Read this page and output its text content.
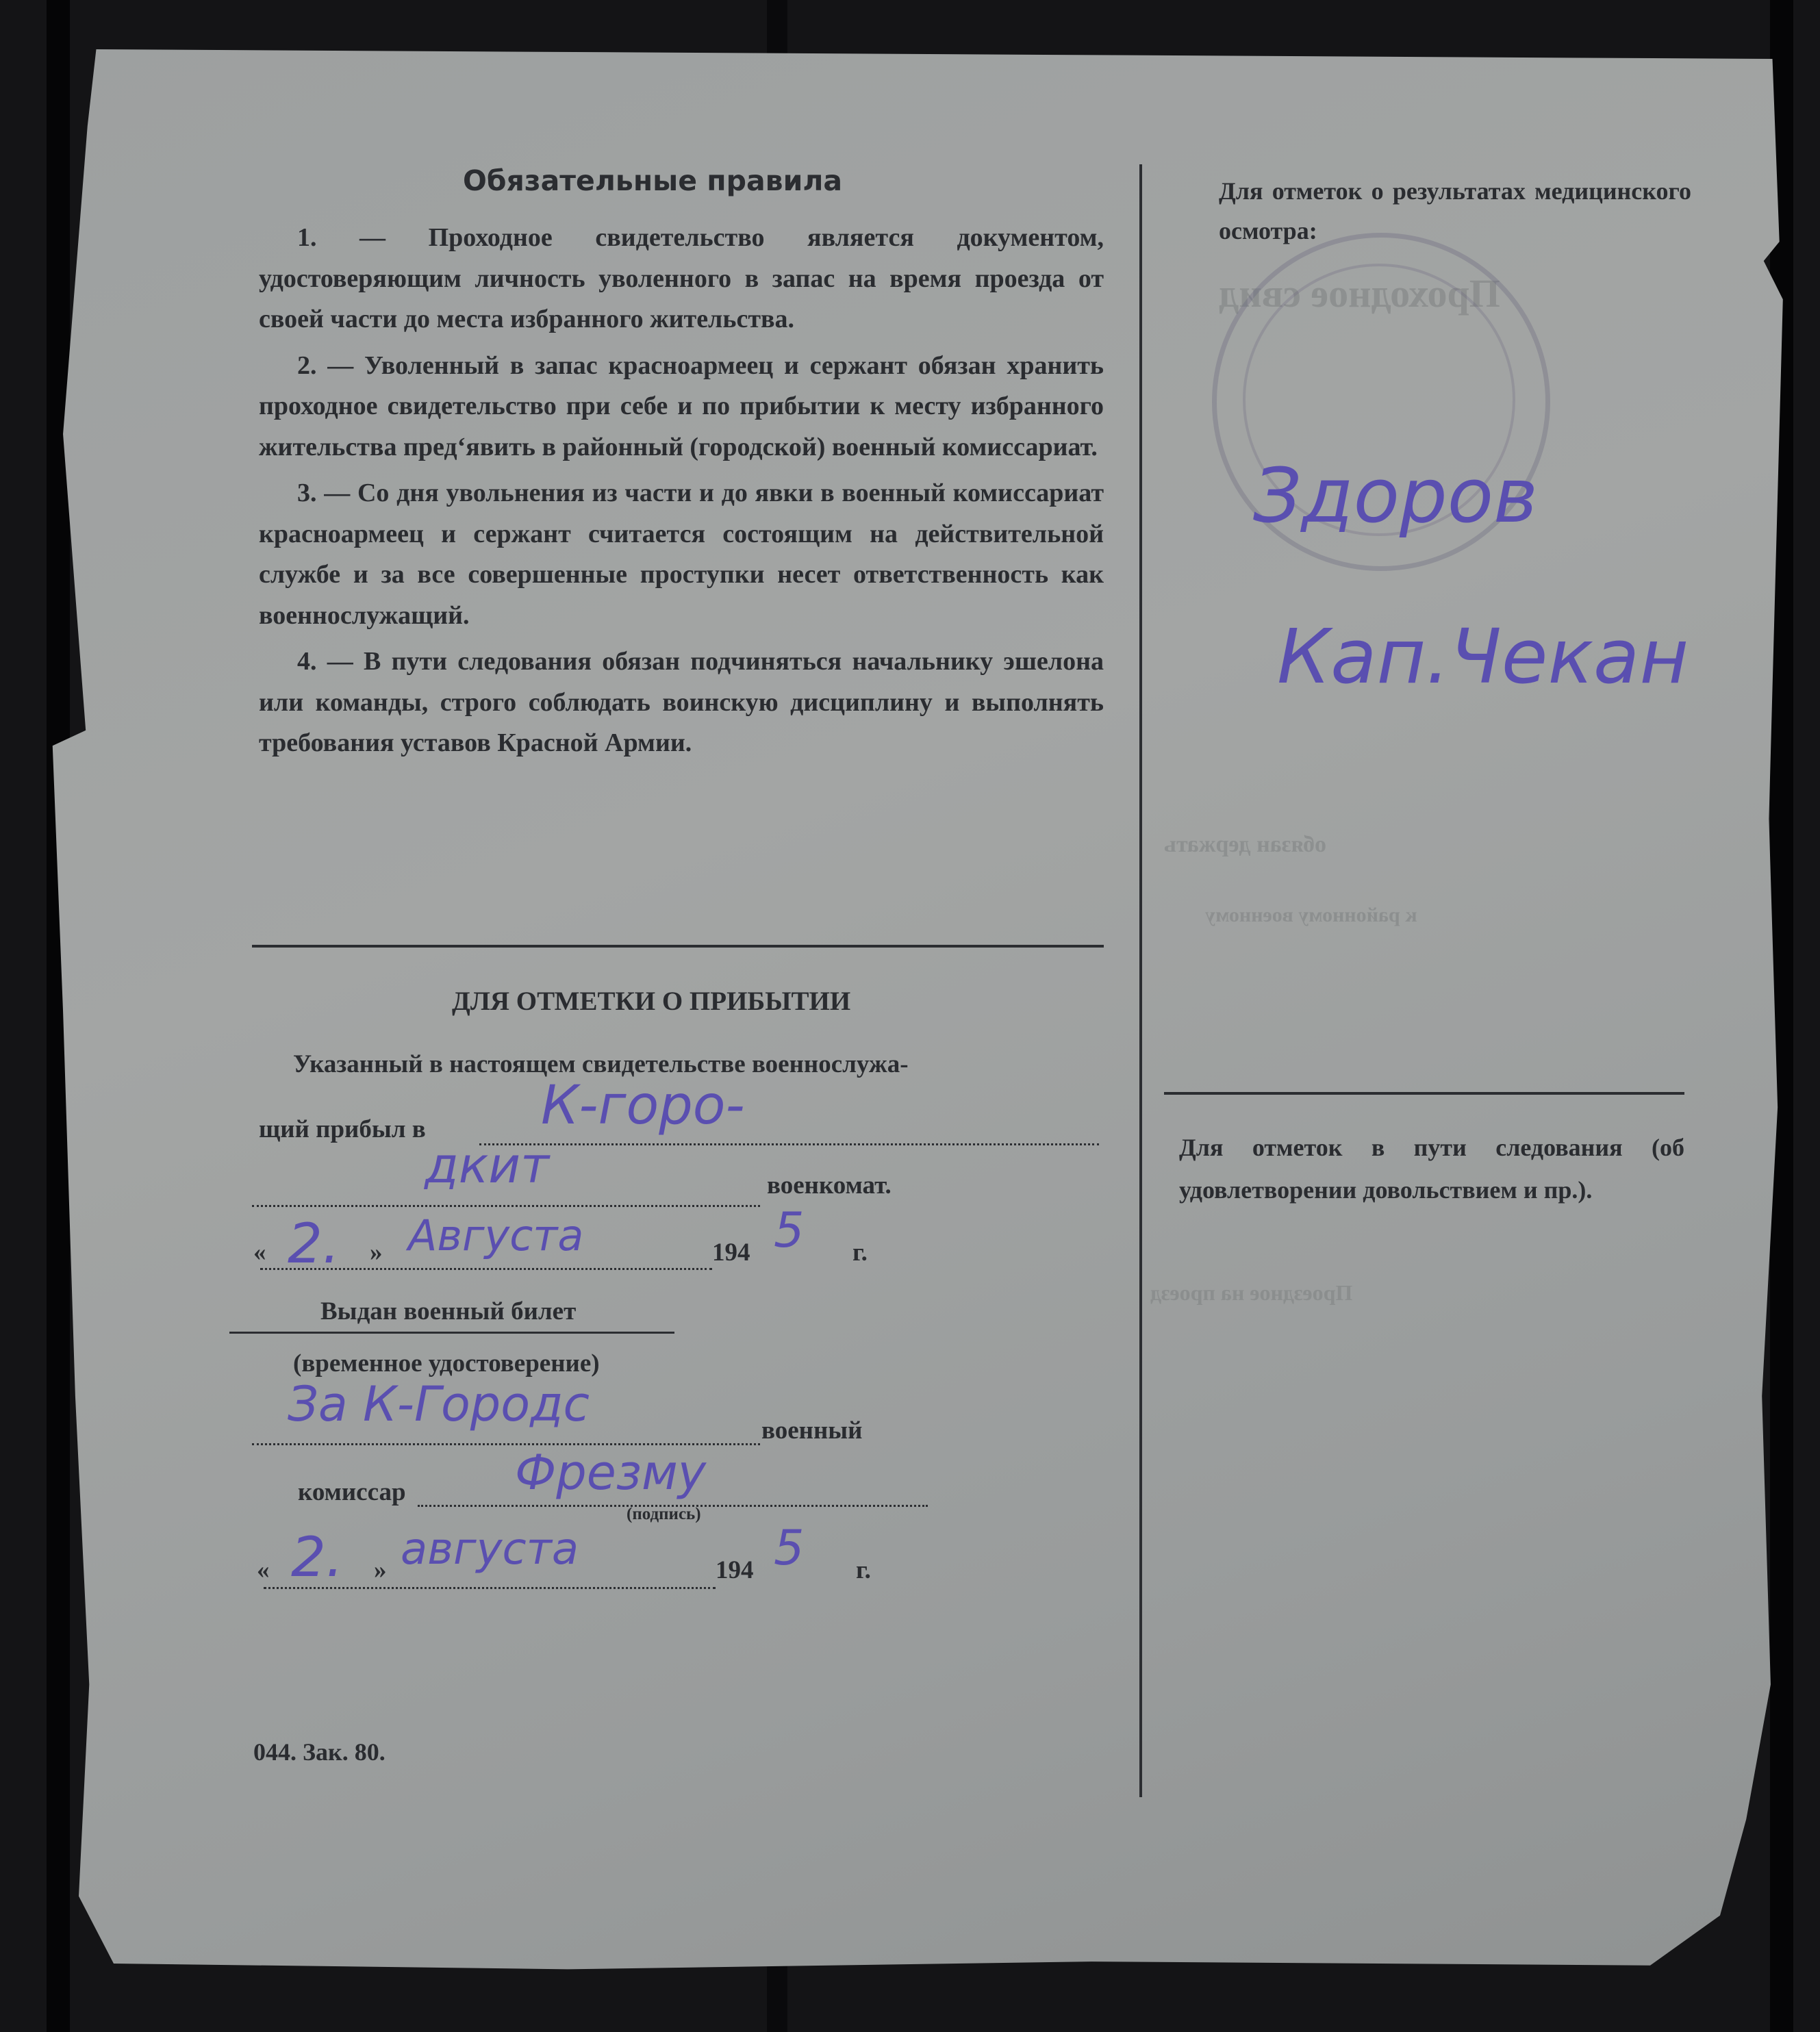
Проходное свид
обязан держать
к районному военному
Проездное на проезд
Обязательные правила

1. — Проходное свидетельство является документом, удостоверяющим личность уволенного в запас на время проезда от своей части до места избранного жительства.

2. — Уволенный в запас красноармеец и сержант обязан хранить проходное свидетельство при себе и по прибытии к месту избранного жительства пред‘явить в районный (городской) военный комиссариат.

3. — Со дня увольнения из части и до явки в военный комиссариат красноармеец и сержант считается состоящим на действительной службе и за все совершенные проступки несет ответственность как военнослужащий.

4. — В пути следования обязан подчиняться начальнику эшелона или команды, строго соблюдать воинскую дисциплину и выполнять требования уставов Красной Армии.

ДЛЯ ОТМЕТКИ О ПРИБЫТИИ
Указанный в настоящем свидетельстве военнослужа-
щий прибыл в К-горо-
дкит	военкомат.
« 2. » Августа	194 5 г.
Выдан военный билет
(временное удостоверение)
За К-Городс	военный
комиссар Фрезму
(подпись)
« 2. » августа	194 5 г.
044. Зак. 80.
Для отметок о результатах медицинского осмотра:
Здоров
Кап.Чекан
Для отметок в пути следования (об удовлетворении довольствием и пр.).
